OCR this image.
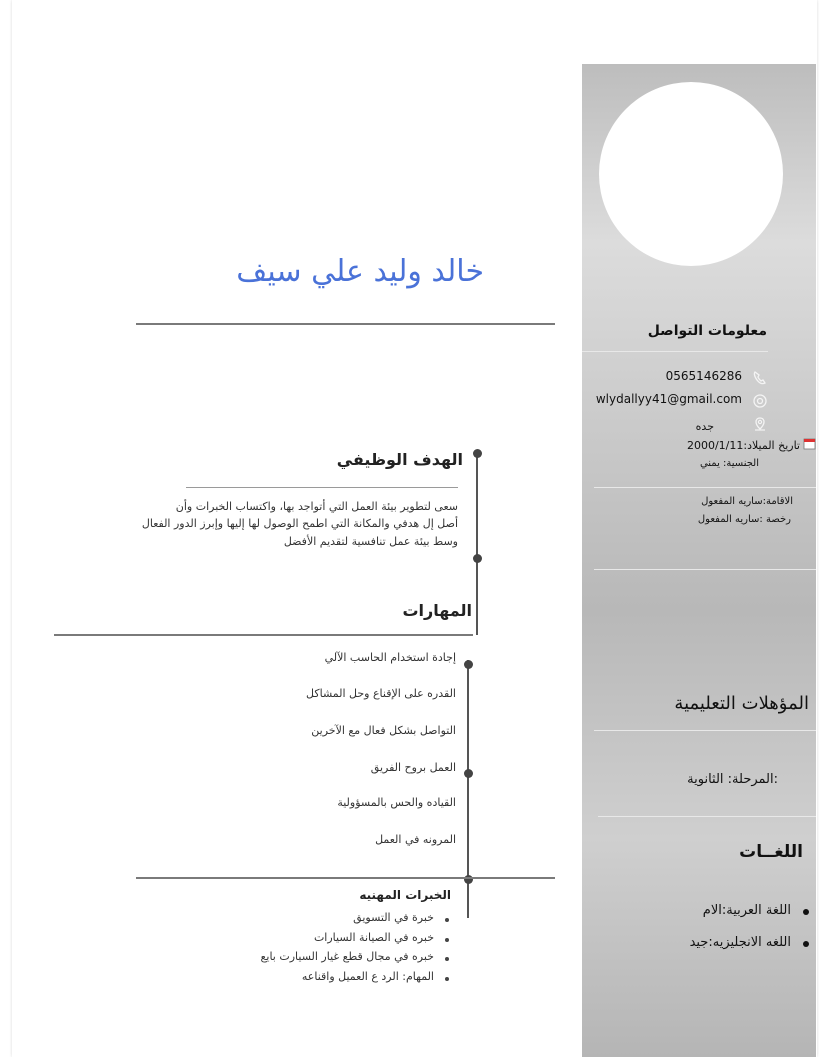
خالد وليد علي سيف
معلومات التواصل
0565146286
wlydallyy41@gmail.com
جده
تاريخ الميلاد:2000/1/11
الجنسية: يمني
الاقامة:ساريه المفعول
رخصة :ساريه المفعول
المؤهلات التعليمية
:المرحلة: الثانوية
اللغــات
اللغة العربية:الام
اللغه الانجليزيه:جيد
الهدف الوظيفي
سعى لتطوير بيئة العمل التي أتواجد بها، واكتساب الخبرات وأن
أصل إل هدفي والمكانة التي اطمح الوصول لها إليها وإبرز الدور الفعال
وسط بيئة عمل تنافسية لتقديم الأفضل
المهارات
إجادة استخدام الحاسب الآلي
القدره على الإقناع وحل المشاكل
التواصل بشكل فعال مع الآخرين
العمل بروح الفريق
القياده والحس بالمسؤولية
المرونه في العمل
الخبرات المهنيه
خبرة في التسويق
خبره في الصيانة السيارات
خبره في مجال قطع غيار السيارت بايع
المهام: الرد ع العميل واقناعه
